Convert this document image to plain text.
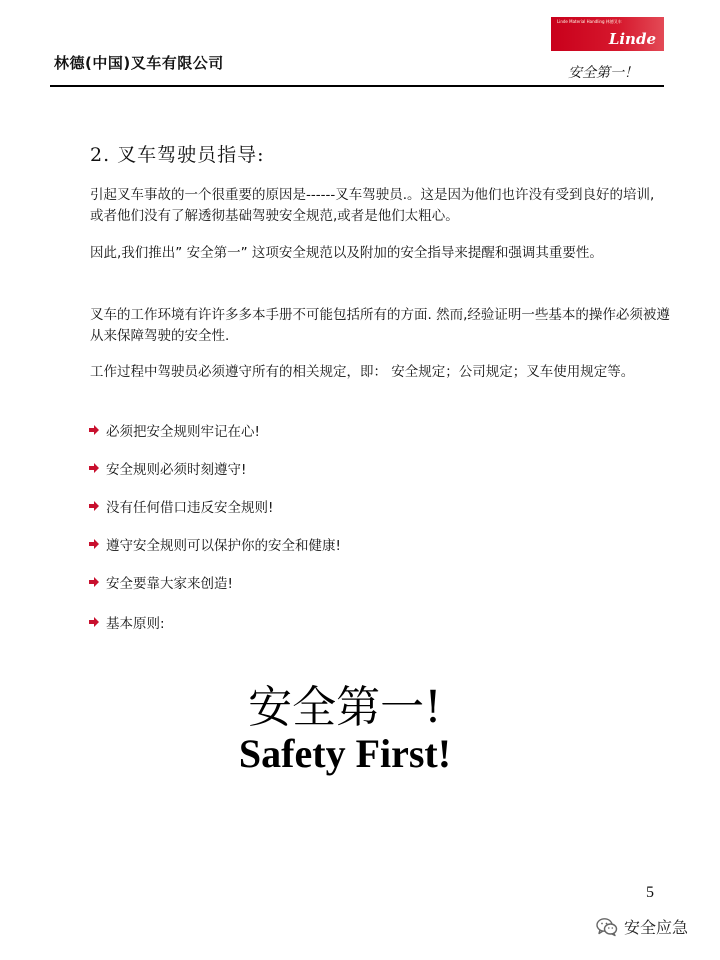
林德(中国)叉车有限公司
Linde Material Handling 林德叉车
Linde
安全第一！
2. 叉车驾驶员指导:
引起叉车事故的一个很重要的原因是------叉车驾驶员.。这是因为他们也许没有受到良好的培训, 或者他们没有了解透彻基础驾驶安全规范,或者是他们太粗心。
因此,我们推出” 安全第一” 这项安全规范以及附加的安全指导来提醒和强调其重要性。
叉车的工作环境有许许多多本手册不可能包括所有的方面. 然而,经验证明一些基本的操作必须被遵从来保障驾驶的安全性.
工作过程中驾驶员必须遵守所有的相关规定，即： 安全规定；公司规定；叉车使用规定等。
必须把安全规则牢记在心!
安全规则必须时刻遵守!
没有任何借口违反安全规则!
遵守安全规则可以保护你的安全和健康!
安全要靠大家来创造!
基本原则:
安全第一!
Safety First!
5
安全应急
